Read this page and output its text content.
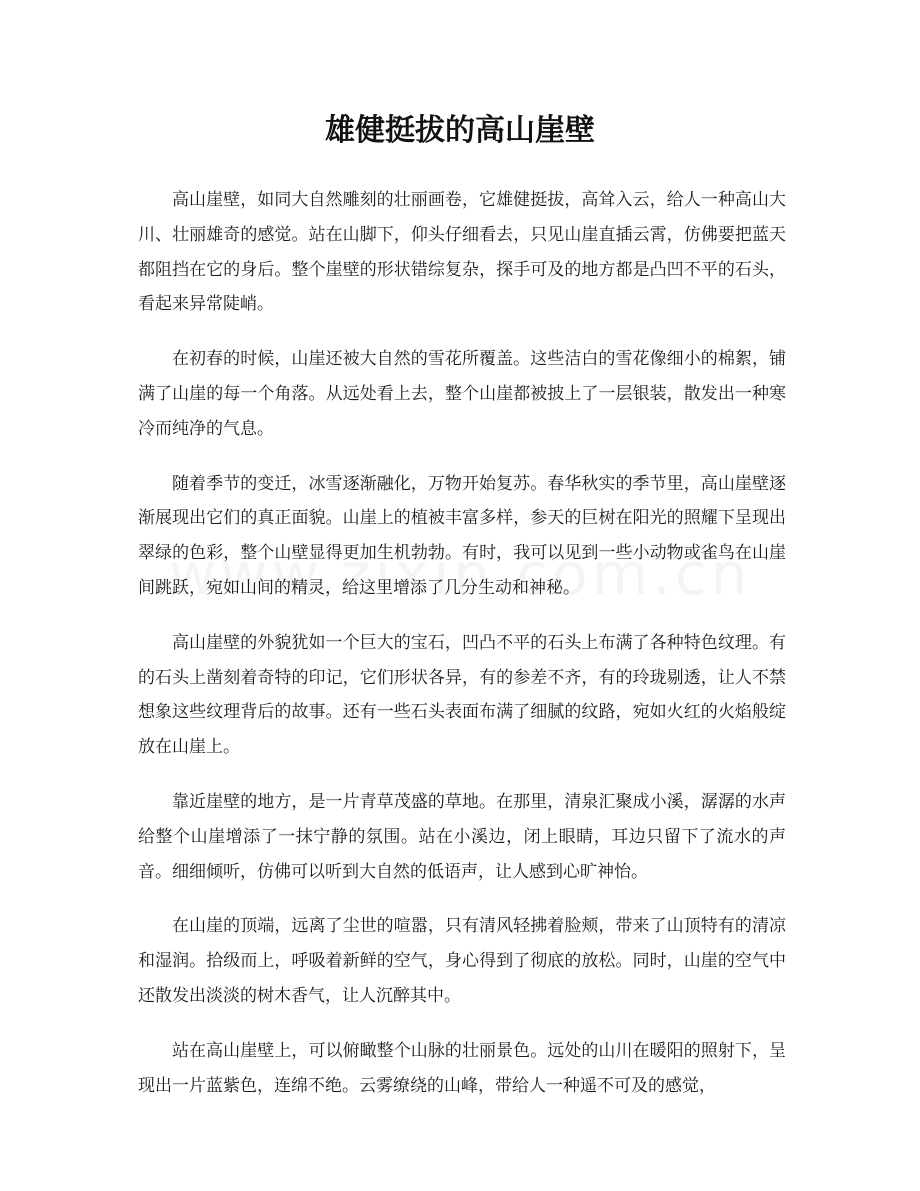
雄健挺拔的高山崖壁

高山崖壁，如同大自然雕刻的壮丽画卷，它雄健挺拔，高耸入云，给人一种高山大川、壮丽雄奇的感觉。站在山脚下，仰头仔细看去，只见山崖直插云霄，仿佛要把蓝天都阻挡在它的身后。整个崖壁的形状错综复杂，探手可及的地方都是凸凹不平的石头，看起来异常陡峭。

在初春的时候，山崖还被大自然的雪花所覆盖。这些洁白的雪花像细小的棉絮，铺满了山崖的每一个角落。从远处看上去，整个山崖都被披上了一层银装，散发出一种寒冷而纯净的气息。

随着季节的变迁，冰雪逐渐融化，万物开始复苏。春华秋实的季节里，高山崖壁逐渐展现出它们的真正面貌。山崖上的植被丰富多样，参天的巨树在阳光的照耀下呈现出翠绿的色彩，整个山壁显得更加生机勃勃。有时，我可以见到一些小动物或雀鸟在山崖间跳跃，宛如山间的精灵，给这里增添了几分生动和神秘。

高山崖壁的外貌犹如一个巨大的宝石，凹凸不平的石头上布满了各种特色纹理。有的石头上凿刻着奇特的印记，它们形状各异，有的参差不齐，有的玲珑剔透，让人不禁想象这些纹理背后的故事。还有一些石头表面布满了细腻的纹路，宛如火红的火焰般绽放在山崖上。

靠近崖壁的地方，是一片青草茂盛的草地。在那里，清泉汇聚成小溪，潺潺的水声给整个山崖增添了一抹宁静的氛围。站在小溪边，闭上眼睛，耳边只留下了流水的声音。细细倾听，仿佛可以听到大自然的低语声，让人感到心旷神怡。

在山崖的顶端，远离了尘世的喧嚣，只有清风轻拂着脸颊，带来了山顶特有的清凉和湿润。拾级而上，呼吸着新鲜的空气，身心得到了彻底的放松。同时，山崖的空气中还散发出淡淡的树木香气，让人沉醉其中。

站在高山崖壁上，可以俯瞰整个山脉的壮丽景色。远处的山川在暖阳的照射下，呈现出一片蓝紫色，连绵不绝。云雾缭绕的山峰，带给人一种遥不可及的感觉，
